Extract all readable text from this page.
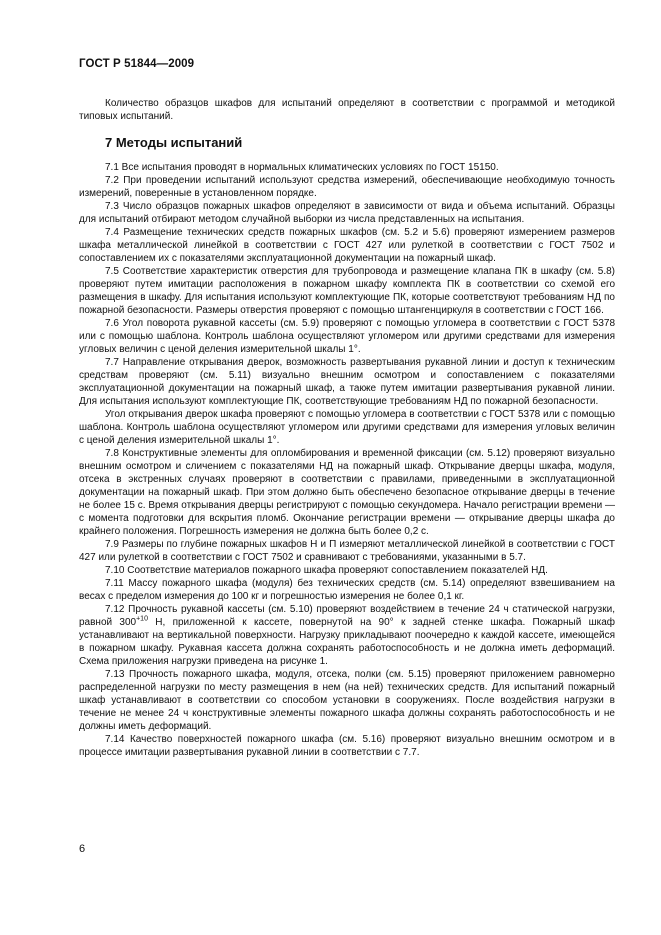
ГОСТ Р 51844—2009

Количество образцов шкафов для испытаний определяют в соответствии с программой и методикой типовых испытаний.

7 Методы испытаний

7.1 Все испытания проводят в нормальных климатических условиях по ГОСТ 15150.

7.2 При проведении испытаний используют средства измерений, обеспечивающие необходимую точность измерений, поверенные в установленном порядке.

7.3 Число образцов пожарных шкафов определяют в зависимости от вида и объема испытаний. Образцы для испытаний отбирают методом случайной выборки из числа представленных на испытания.

7.4 Размещение технических средств пожарных шкафов (см. 5.2 и 5.6) проверяют измерением размеров шкафа металлической линейкой в соответствии с ГОСТ 427 или рулеткой в соответствии с ГОСТ 7502 и сопоставлением их с показателями эксплуатационной документации на пожарный шкаф.

7.5 Соответствие характеристик отверстия для трубопровода и размещение клапана ПК в шкафу (см. 5.8) проверяют путем имитации расположения в пожарном шкафу комплекта ПК в соответствии со схемой его размещения в шкафу. Для испытания используют комплектующие ПК, которые соответствуют требованиям НД по пожарной безопасности. Размеры отверстия проверяют с помощью штангенциркуля в соответствии с ГОСТ 166.

7.6 Угол поворота рукавной кассеты (см. 5.9) проверяют с помощью угломера в соответствии с ГОСТ 5378 или с помощью шаблона. Контроль шаблона осуществляют угломером или другими средствами для измерения угловых величин с ценой деления измерительной шкалы 1°.

7.7 Направление открывания дверок, возможность развертывания рукавной линии и доступ к техническим средствам проверяют (см. 5.11) визуально внешним осмотром и сопоставлением с показателями эксплуатационной документации на пожарный шкаф, а также путем имитации развертывания рукавной линии. Для испытания используют комплектующие ПК, соответствующие требованиям НД по пожарной безопасности.

Угол открывания дверок шкафа проверяют с помощью угломера в соответствии с ГОСТ 5378 или с помощью шаблона. Контроль шаблона осуществляют угломером или другими средствами для измерения угловых величин с ценой деления измерительной шкалы 1°.

7.8 Конструктивные элементы для опломбирования и временной фиксации (см. 5.12) проверяют визуально внешним осмотром и сличением с показателями НД на пожарный шкаф. Открывание дверцы шкафа, модуля, отсека в экстренных случаях проверяют в соответствии с правилами, приведенными в эксплуатационной документации на пожарный шкаф. При этом должно быть обеспечено безопасное открывание дверцы в течение не более 15 с. Время открывания дверцы регистрируют с помощью секундомера. Начало регистрации времени — с момента подготовки для вскрытия пломб. Окончание регистрации времени — открывание дверцы шкафа до крайнего положения. Погрешность измерения не должна быть более 0,2 с.

7.9 Размеры по глубине пожарных шкафов Н и П измеряют металлической линейкой в соответствии с ГОСТ 427 или рулеткой в соответствии с ГОСТ 7502 и сравнивают с требованиями, указанными в 5.7.

7.10 Соответствие материалов пожарного шкафа проверяют сопоставлением показателей НД.

7.11 Массу пожарного шкафа (модуля) без технических средств (см. 5.14) определяют взвешиванием на весах с пределом измерения до 100 кг и погрешностью измерения не более 0,1 кг.

7.12 Прочность рукавной кассеты (см. 5.10) проверяют воздействием в течение 24 ч статической нагрузки, равной $300^{+10}$ Н, приложенной к кассете, повернутой на 90° к задней стенке шкафа. Пожарный шкаф устанавливают на вертикальной поверхности. Нагрузку прикладывают поочередно к каждой кассете, имеющейся в пожарном шкафу. Рукавная кассета должна сохранять работоспособность и не должна иметь деформаций. Схема приложения нагрузки приведена на рисунке 1.

7.13 Прочность пожарного шкафа, модуля, отсека, полки (см. 5.15) проверяют приложением равномерно распределенной нагрузки по месту размещения в нем (на ней) технических средств. Для испытаний пожарный шкаф устанавливают в соответствии со способом установки в сооружениях. После воздействия нагрузки в течение не менее 24 ч конструктивные элементы пожарного шкафа должны сохранять работоспособность и не должны иметь деформаций.

7.14 Качество поверхностей пожарного шкафа (см. 5.16) проверяют визуально внешним осмотром и в процессе имитации развертывания рукавной линии в соответствии с 7.7.

6
